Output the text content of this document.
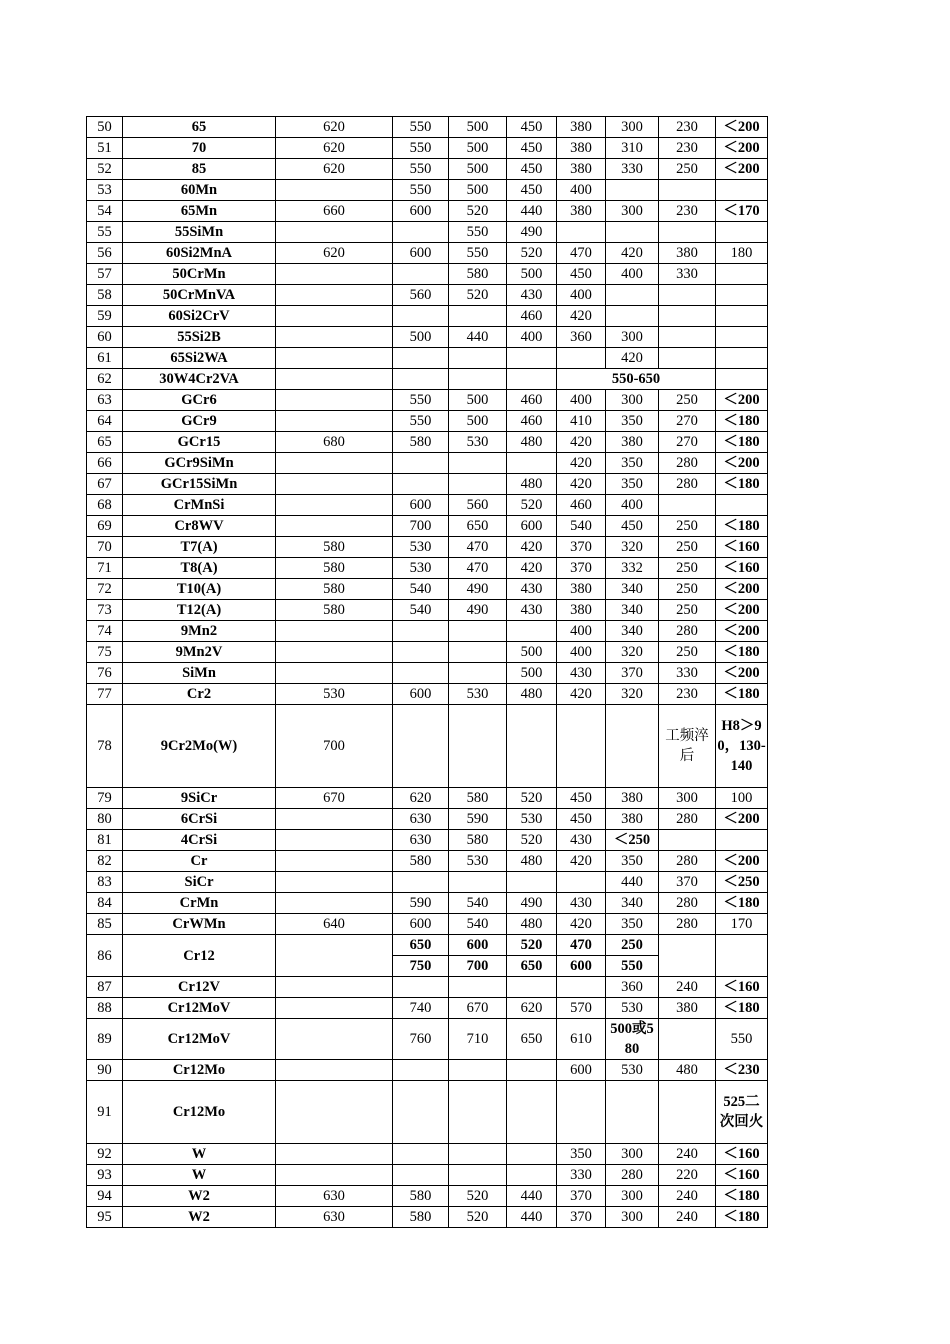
50	65	620	550	500	450	380	300	230	＜200
51	70	620	550	500	450	380	310	230	＜200
52	85	620	550	500	450	380	330	250	＜200
53	60Mn		550	500	450	400			
54	65Mn	660	600	520	440	380	300	230	＜170
55	55SiMn			550	490				
56	60Si2MnA	620	600	550	520	470	420	380	180
57	50CrMn			580	500	450	400	330	
58	50CrMnVA		560	520	430	400			
59	60Si2CrV				460	420			
60	55Si2B		500	440	400	360	300		
61	65Si2WA						420		
62	30W4Cr2VA					550-650			
63	GCr6		550	500	460	400	300	250	＜200
64	GCr9		550	500	460	410	350	270	＜180
65	GCr15	680	580	530	480	420	380	270	＜180
66	GCr9SiMn					420	350	280	＜200
67	GCr15SiMn				480	420	350	280	＜180
68	CrMnSi		600	560	520	460	400		
69	Cr8WV		700	650	600	540	450	250	＜180
70	T7(A)	580	530	470	420	370	320	250	＜160
71	T8(A)	580	530	470	420	370	332	250	＜160
72	T10(A)	580	540	490	430	380	340	250	＜200
73	T12(A)	580	540	490	430	380	340	250	＜200
74	9Mn2					400	340	280	＜200
75	9Mn2V				500	400	320	250	＜180
76	SiMn				500	430	370	330	＜200
77	Cr2	530	600	530	480	420	320	230	＜180
78	9Cr2Mo(W)	700						工频淬后	H8＞90，130-140
79	9SiCr	670	620	580	520	450	380	300	100
80	6CrSi		630	590	530	450	380	280	＜200
81	4CrSi		630	580	520	430	＜250		
82	Cr		580	530	480	420	350	280	＜200
83	SiCr						440	370	＜250
84	CrMn		590	540	490	430	340	280	＜180
85	CrWMn	640	600	540	480	420	350	280	170
86	Cr12		650	600	520	470	250		
			750	700	650	600	550		
87	Cr12V						360	240	＜160
88	Cr12MoV		740	670	620	570	530	380	＜180
89	Cr12MoV		760	710	650	610	500或580		550
90	Cr12Mo					600	530	480	＜230
91	Cr12Mo								525二次回火
92	W					350	300	240	＜160
93	W					330	280	220	＜160
94	W2	630	580	520	440	370	300	240	＜180
95	W2	630	580	520	440	370	300	240	＜180
